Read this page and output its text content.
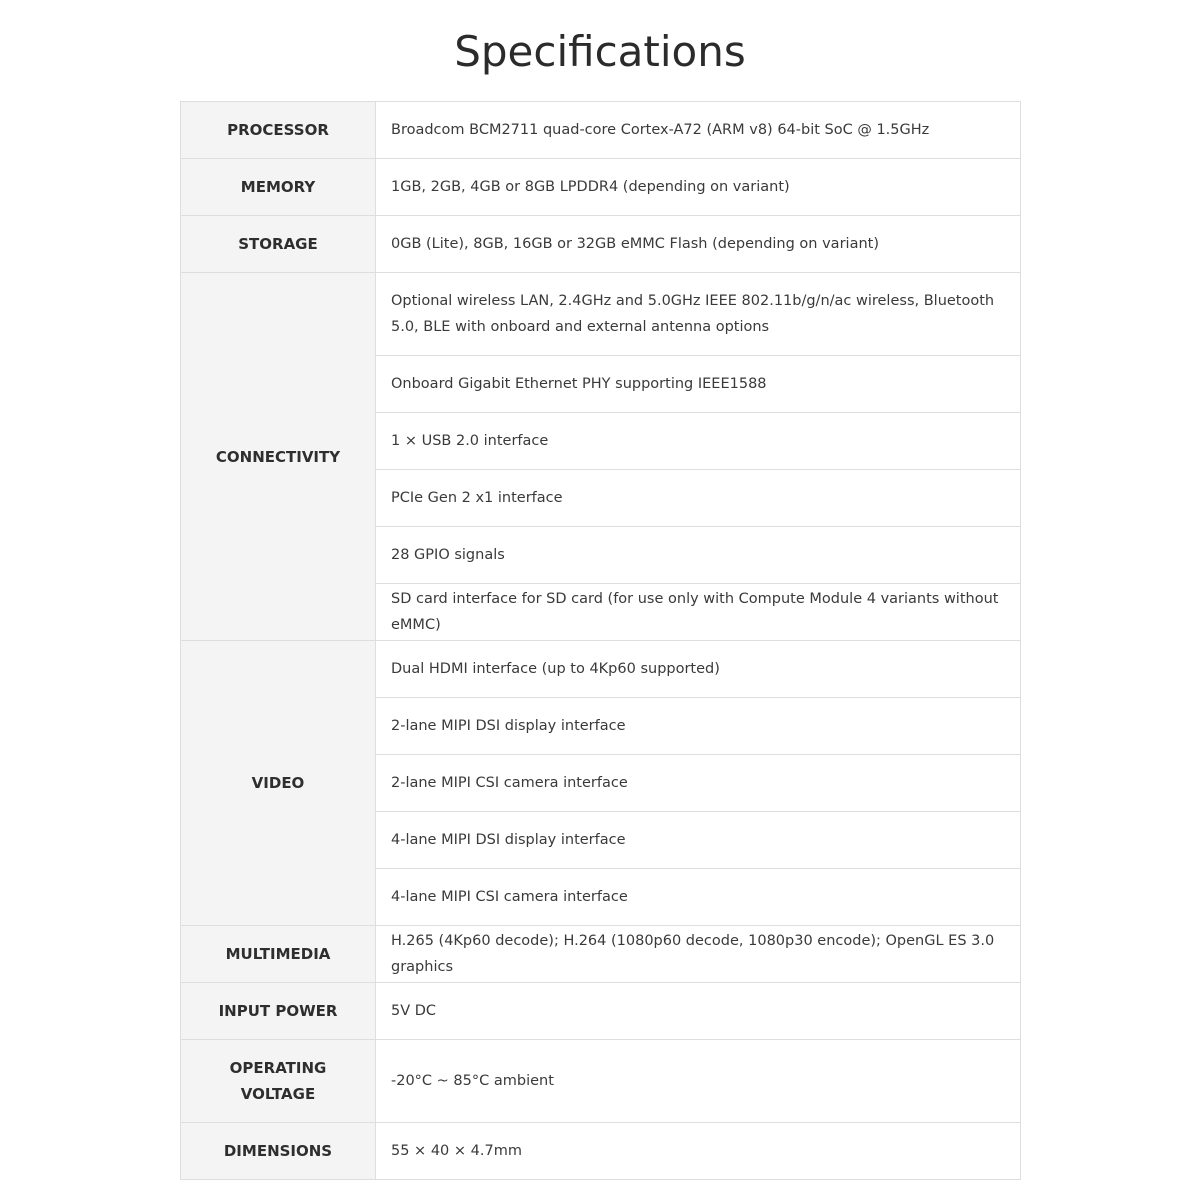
Specifications
PROCESSOR	Broadcom BCM2711 quad-core Cortex-A72 (ARM v8) 64-bit SoC @ 1.5GHz
MEMORY	1GB, 2GB, 4GB or 8GB LPDDR4 (depending on variant)
STORAGE	0GB (Lite), 8GB, 16GB or 32GB eMMC Flash (depending on variant)
CONNECTIVITY	Optional wireless LAN, 2.4GHz and 5.0GHz IEEE 802.11b/g/n/ac wireless, Bluetooth 5.0, BLE with onboard and external antenna options
	Onboard Gigabit Ethernet PHY supporting IEEE1588
	1 × USB 2.0 interface
	PCIe Gen 2 x1 interface
	28 GPIO signals
	SD card interface for SD card (for use only with Compute Module 4 variants without eMMC)
VIDEO	Dual HDMI interface (up to 4Kp60 supported)
	2-lane MIPI DSI display interface
	2-lane MIPI CSI camera interface
	4-lane MIPI DSI display interface
	4-lane MIPI CSI camera interface
MULTIMEDIA	H.265 (4Kp60 decode); H.264 (1080p60 decode, 1080p30 encode); OpenGL ES 3.0 graphics
INPUT POWER	5V DC
OPERATING VOLTAGE	-20°C ~ 85°C ambient
DIMENSIONS	55 × 40 × 4.7mm
